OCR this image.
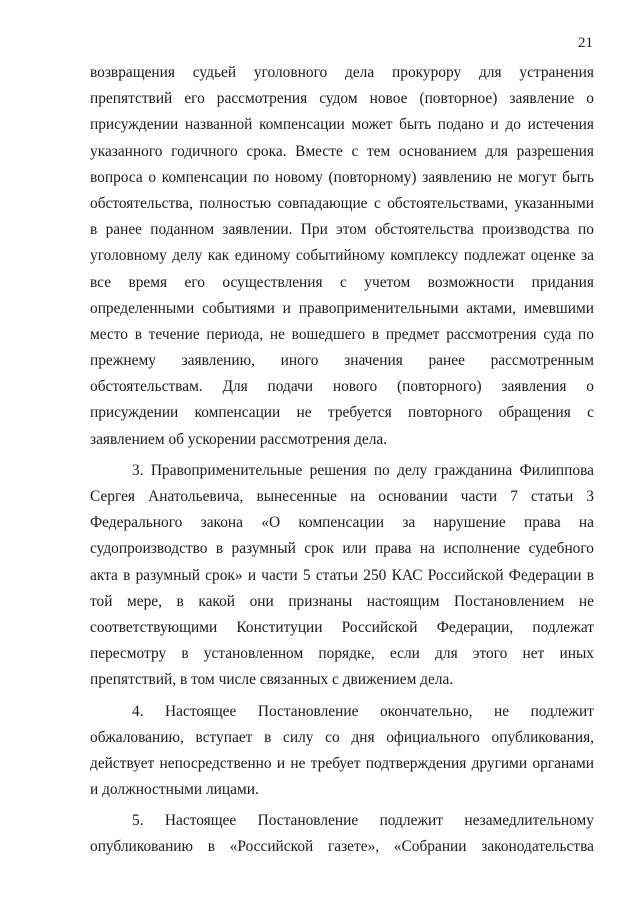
21
возвращения судьей уголовного дела прокурору для устранения
препятствий его рассмотрения судом новое (повторное) заявление о
присуждении названной компенсации может быть подано и до истечения
указанного годичного срока. Вместе с тем основанием для разрешения
вопроса о компенсации по новому (повторному) заявлению не могут быть
обстоятельства, полностью совпадающие с обстоятельствами, указанными
в ранее поданном заявлении. При этом обстоятельства производства по
уголовному делу как единому событийному комплексу подлежат оценке за
все время его осуществления с учетом возможности придания
определенными событиями и правоприменительными актами, имевшими
место в течение периода, не вошедшего в предмет рассмотрения суда по
прежнему заявлению, иного значения ранее рассмотренным
обстоятельствам. Для подачи нового (повторного) заявления о
присуждении компенсации не требуется повторного обращения с
заявлением об ускорении рассмотрения дела.
3. Правоприменительные решения по делу гражданина Филиппова
Сергея Анатольевича, вынесенные на основании части 7 статьи 3
Федерального закона «О компенсации за нарушение права на
судопроизводство в разумный срок или права на исполнение судебного
акта в разумный срок» и части 5 статьи 250 КАС Российской Федерации в
той мере, в какой они признаны настоящим Постановлением не
соответствующими Конституции Российской Федерации, подлежат
пересмотру в установленном порядке, если для этого нет иных
препятствий, в том числе связанных с движением дела.
4. Настоящее Постановление окончательно, не подлежит
обжалованию, вступает в силу со дня официального опубликования,
действует непосредственно и не требует подтверждения другими органами
и должностными лицами.
5. Настоящее Постановление подлежит незамедлительному
опубликованию в «Российской газете», «Собрании законодательства
